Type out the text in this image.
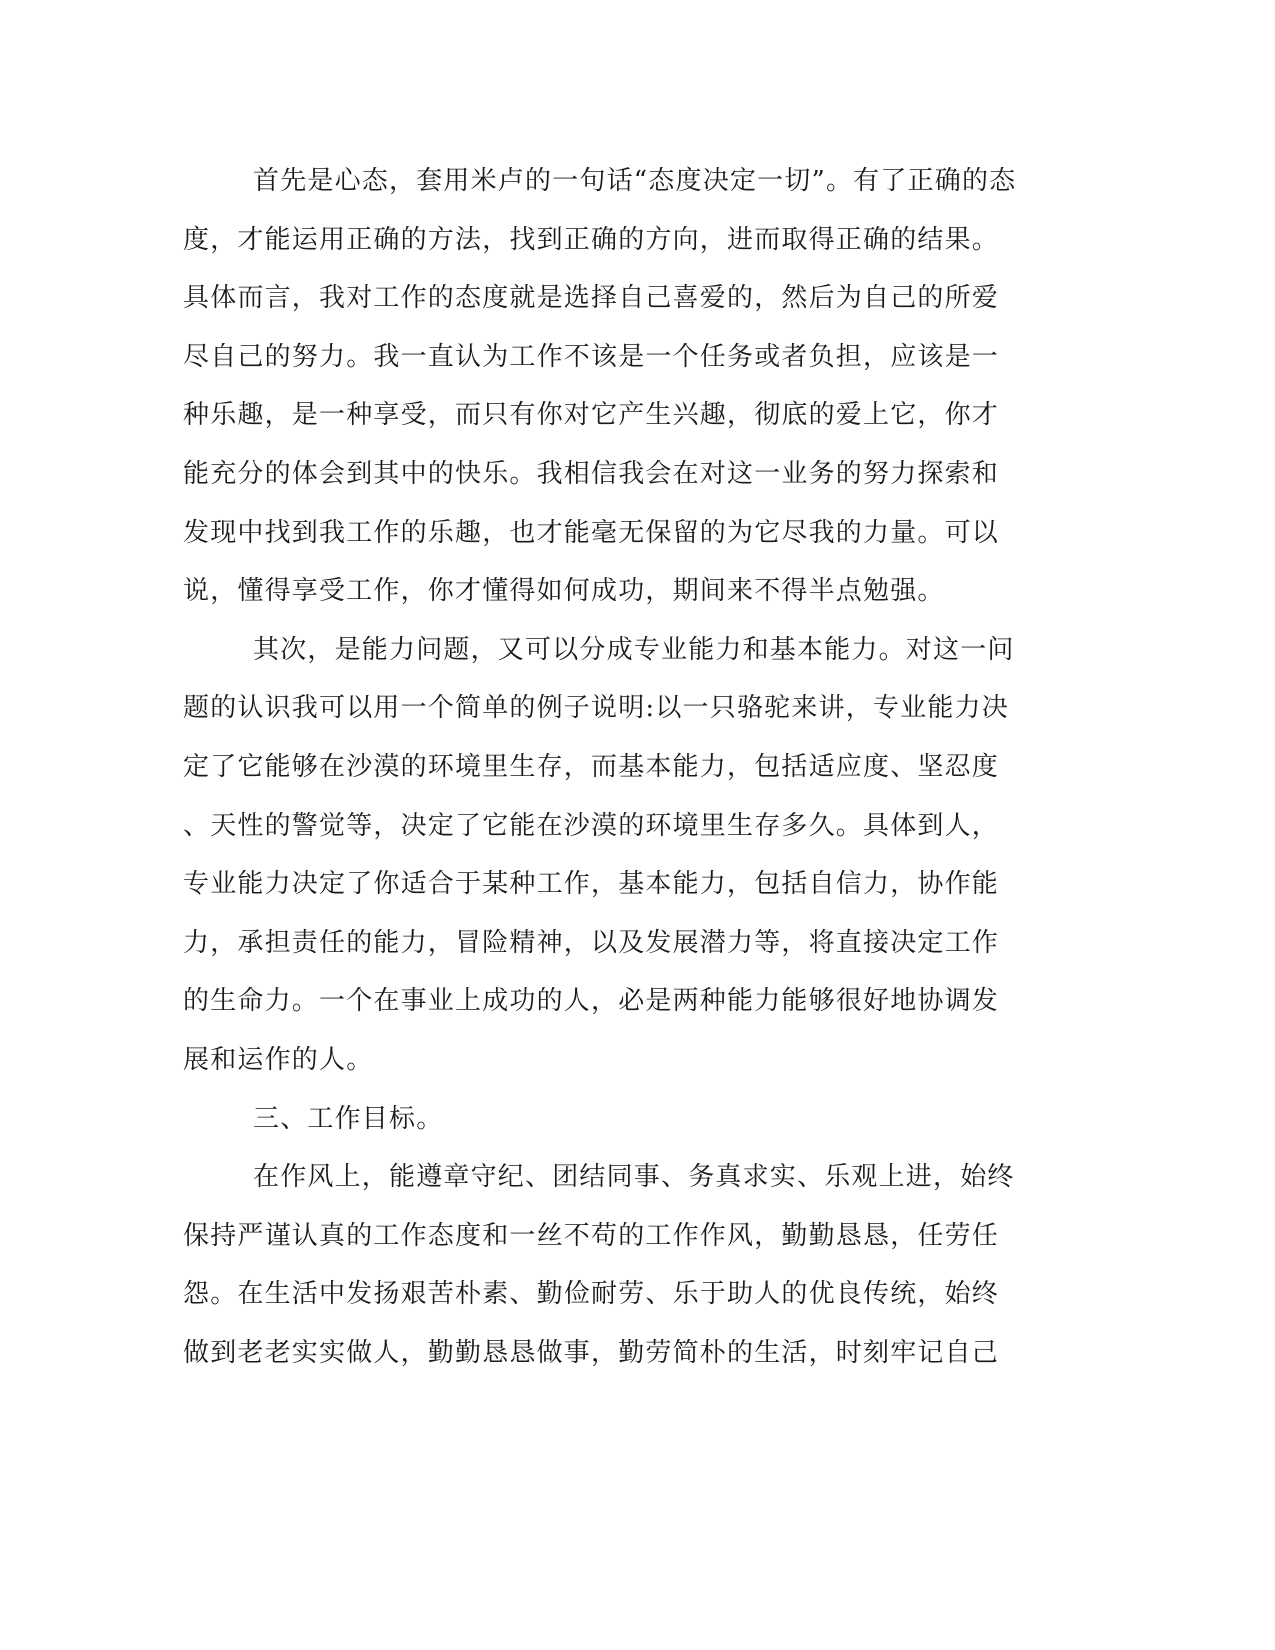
首先是心态，套用米卢的一句话“态度决定一切”。有了正确的态
度，才能运用正确的方法，找到正确的方向，进而取得正确的结果。
具体而言，我对工作的态度就是选择自己喜爱的，然后为自己的所爱
尽自己的努力。我一直认为工作不该是一个任务或者负担，应该是一
种乐趣，是一种享受，而只有你对它产生兴趣，彻底的爱上它，你才
能充分的体会到其中的快乐。我相信我会在对这一业务的努力探索和
发现中找到我工作的乐趣，也才能毫无保留的为它尽我的力量。可以
说，懂得享受工作，你才懂得如何成功，期间来不得半点勉强。
其次，是能力问题，又可以分成专业能力和基本能力。对这一问
题的认识我可以用一个简单的例子说明:以一只骆驼来讲，专业能力决
定了它能够在沙漠的环境里生存，而基本能力，包括适应度、坚忍度
、天性的警觉等，决定了它能在沙漠的环境里生存多久。具体到人，
专业能力决定了你适合于某种工作，基本能力，包括自信力，协作能
力，承担责任的能力，冒险精神，以及发展潜力等，将直接决定工作
的生命力。一个在事业上成功的人，必是两种能力能够很好地协调发
展和运作的人。
三、工作目标。
在作风上，能遵章守纪、团结同事、务真求实、乐观上进，始终
保持严谨认真的工作态度和一丝不苟的工作作风，勤勤恳恳，任劳任
怨。在生活中发扬艰苦朴素、勤俭耐劳、乐于助人的优良传统，始终
做到老老实实做人，勤勤恳恳做事，勤劳简朴的生活，时刻牢记自己
